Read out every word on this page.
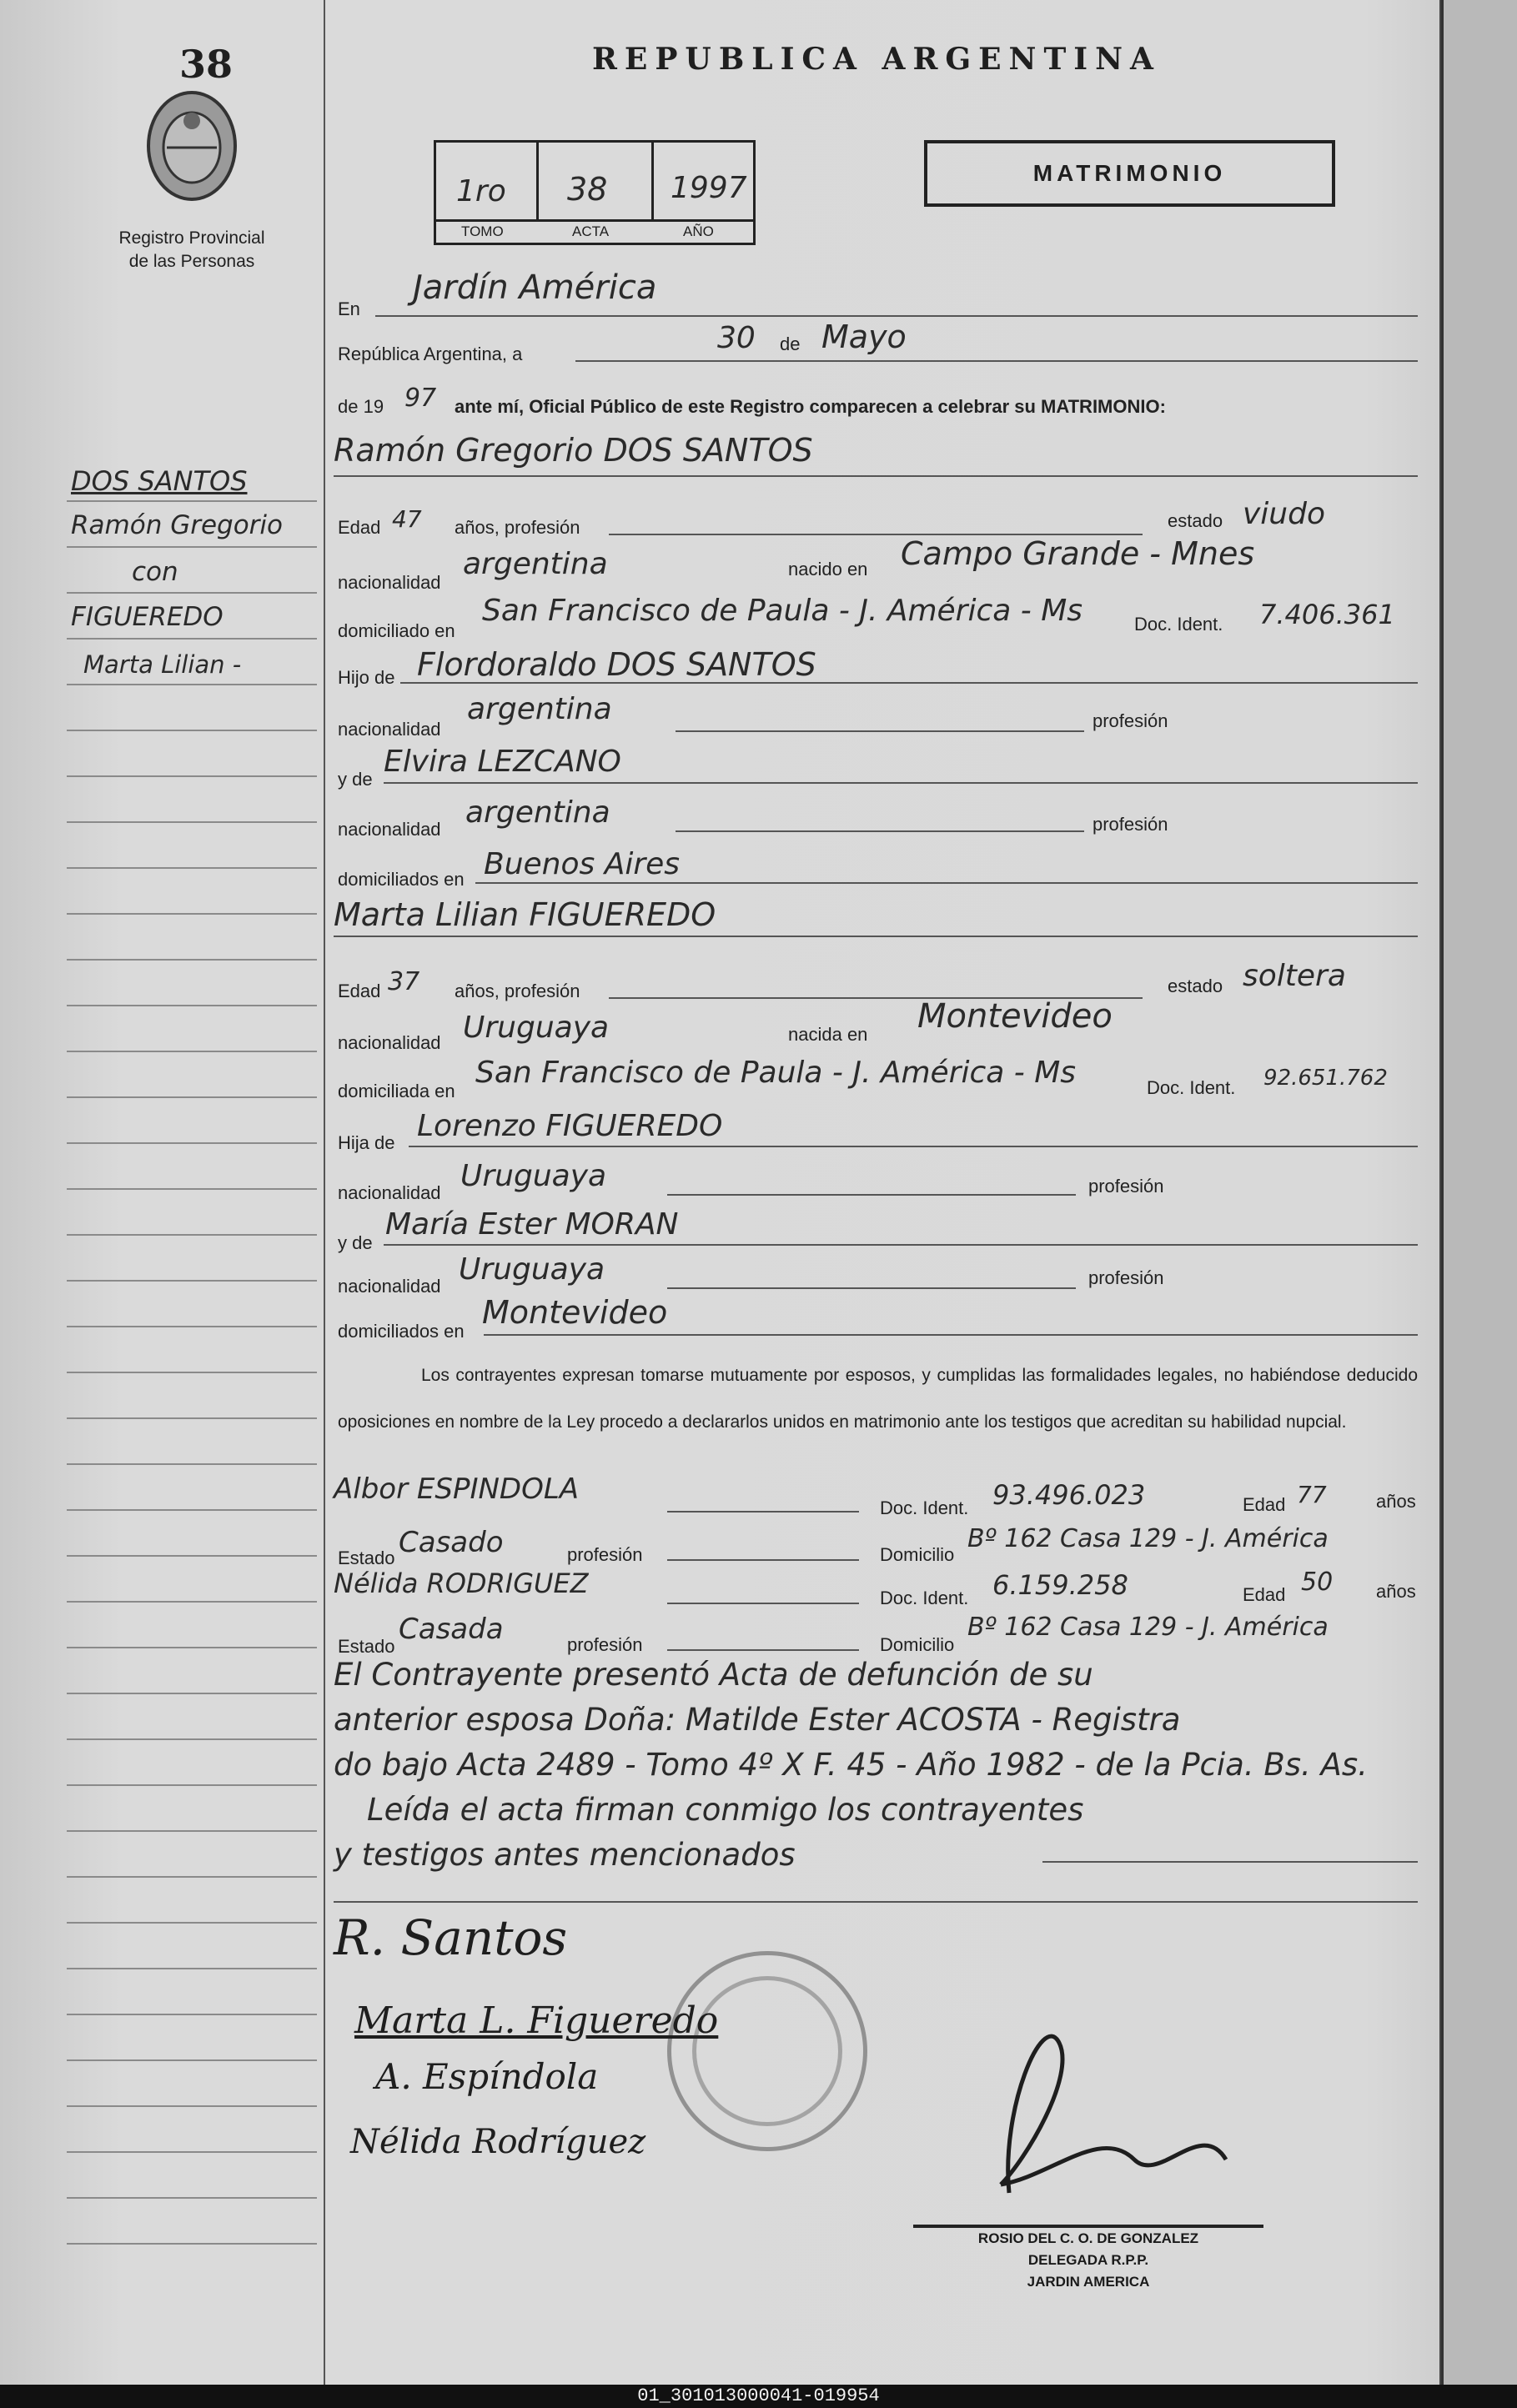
38
Registro Provincial
de las Personas
REPUBLICA ARGENTINA
1ro 38 1997
TOMO	ACTA	AÑO
MATRIMONIO
DOS SANTOS
Ramón Gregorio
con
FIGUEREDO
Marta Lilian -
En
Jardín América
República Argentina, a	30 de Mayo
de 19 97 ante mí, Oficial Público de este Registro comparecen a celebrar su MATRIMONIO:
Ramón Gregorio DOS SANTOS
Edad 47 años, profesión	estado viudo
nacionalidad
argentina	nacido en Campo Grande - Mnes
domiciliado en
San Francisco de Paula - J. América - Ms	Doc. Ident. 7.406.361
Hijo de Flordoraldo DOS SANTOS
nacionalidad
argentina	profesión
y de
Elvira LEZCANO
nacionalidad argentina	profesión
domiciliados en Buenos Aires
Marta Lilian FIGUEREDO
Edad 37 años, profesión	estado soltera
nacionalidad Uruguaya	nacida en Montevideo
domiciliada en
San Francisco de Paula - J. América - Ms	Doc. Ident. 92.651.762
Hija de Lorenzo FIGUEREDO
nacionalidad Uruguaya	profesión
y de
María Ester MORAN
nacionalidad Uruguaya	profesión
domiciliados en
Montevideo
Los contrayentes expresan tomarse mutuamente por esposos, y cumplidas las formalidades legales, no habiéndose deducido oposiciones en nombre de la Ley procedo a declararlos unidos en matrimonio ante los testigos que acreditan su habilidad nupcial.
Albor ESPINDOLA
Doc. Ident. 93.496.023	Edad 77	años
Estado Casado	profesión	Domicilio
Bº 162 Casa 129 - J. América
Nélida RODRIGUEZ	Doc. Ident. 6.159.258	Edad 50 años
Estado
Casada	profesión	Domicilio
Bº 162 Casa 129 - J. América
El Contrayente presentó Acta de defunción de su
anterior esposa Doña: Matilde Ester ACOSTA - Registra
do bajo Acta 2489 - Tomo 4º X F. 45 - Año 1982 - de la Pcia. Bs. As.
Leída el acta firman conmigo los contrayentes
y testigos antes mencionados
R. Santos
Marta L. Figueredo
A. Espíndola
Nélida Rodríguez
ROSIO DEL C. O. DE GONZALEZ
DELEGADA R.P.P.
JARDIN AMERICA
01_301013000041-019954
